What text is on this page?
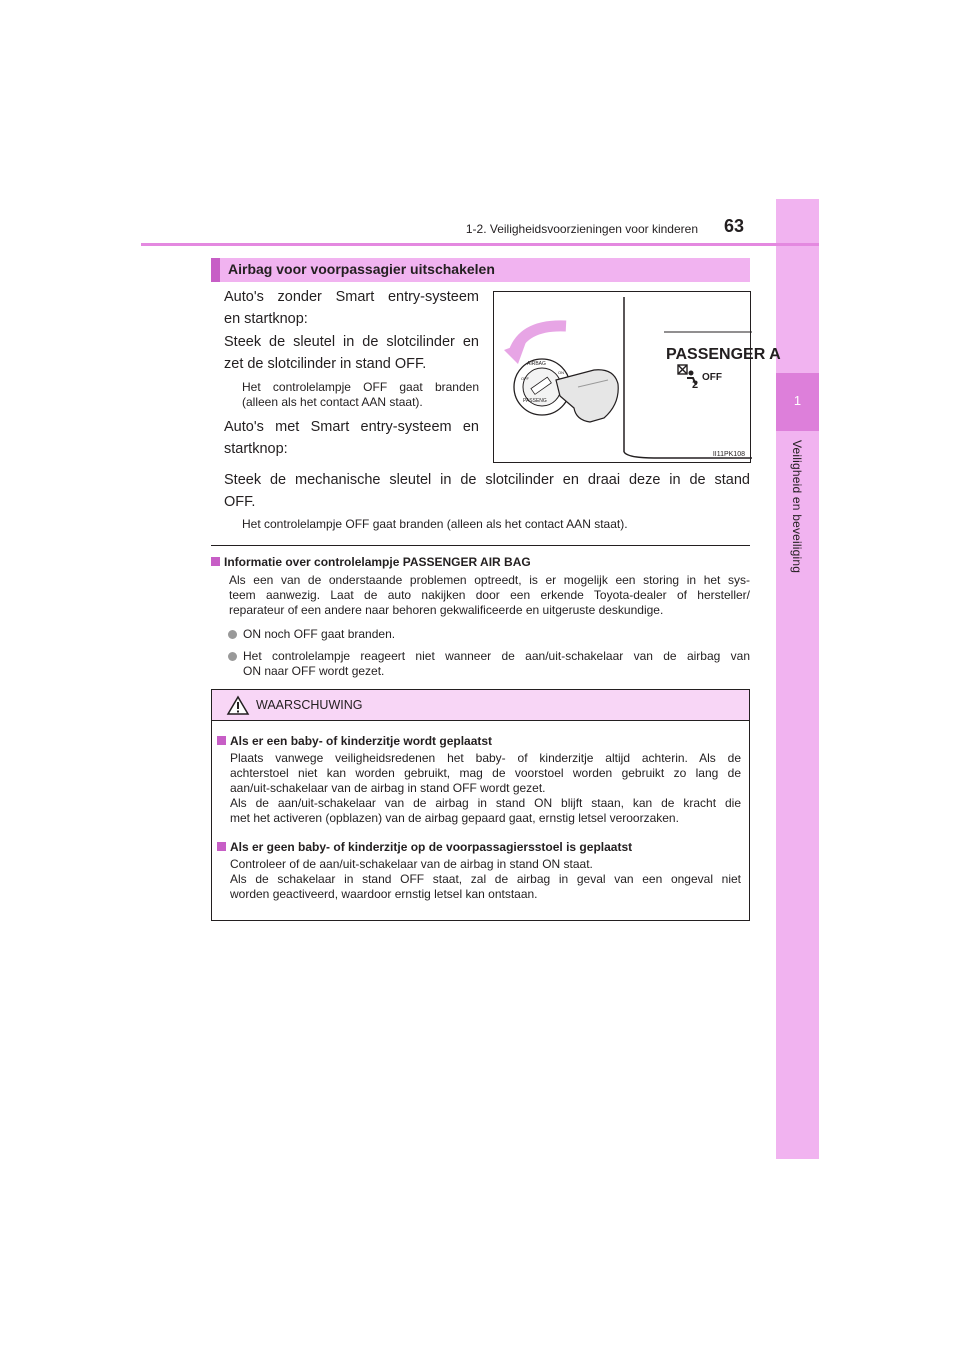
1
Veiligheid en beveiliging
1-2. Veiligheidsvoorzieningen voor kinderen 63
Airbag voor voorpassagier uitschakelen
Auto's zonder Smart entry-systeem
en startknop:
Steek de sleutel in de slotcilinder en
zet de slotcilinder in stand OFF.
Het controlelampje OFF gaat branden
(alleen als het contact AAN staat).
Auto's met Smart entry-systeem en
startknop:
AIRBAG
OFF
ON
PASSENG
PASSENGER A
2
OFF
II11PK108
Steek de mechanische sleutel in de slotcilinder en draai deze in de stand
OFF.
Het controlelampje OFF gaat branden (alleen als het contact AAN staat).
Informatie over controlelampje PASSENGER AIR BAG
Als een van de onderstaande problemen optreedt, is er mogelijk een storing in het sys-
teem aanwezig. Laat de auto nakijken door een erkende Toyota-dealer of hersteller/
reparateur of een andere naar behoren gekwalificeerde en uitgeruste deskundige.
ON noch OFF gaat branden.
Het controlelampje reageert niet wanneer de aan/uit-schakelaar van de airbag van
ON naar OFF wordt gezet.
WAARSCHUWING
Als er een baby- of kinderzitje wordt geplaatst
Plaats vanwege veiligheidsredenen het baby- of kinderzitje altijd achterin. Als de
achterstoel niet kan worden gebruikt, mag de voorstoel worden gebruikt zo lang de
aan/uit-schakelaar van de airbag in stand OFF wordt gezet.
Als de aan/uit-schakelaar van de airbag in stand ON blijft staan, kan de kracht die
met het activeren (opblazen) van de airbag gepaard gaat, ernstig letsel veroorzaken.
Als er geen baby- of kinderzitje op de voorpassagiersstoel is geplaatst
Controleer of de aan/uit-schakelaar van de airbag in stand ON staat.
Als de schakelaar in stand OFF staat, zal de airbag in geval van een ongeval niet
worden geactiveerd, waardoor ernstig letsel kan ontstaan.
